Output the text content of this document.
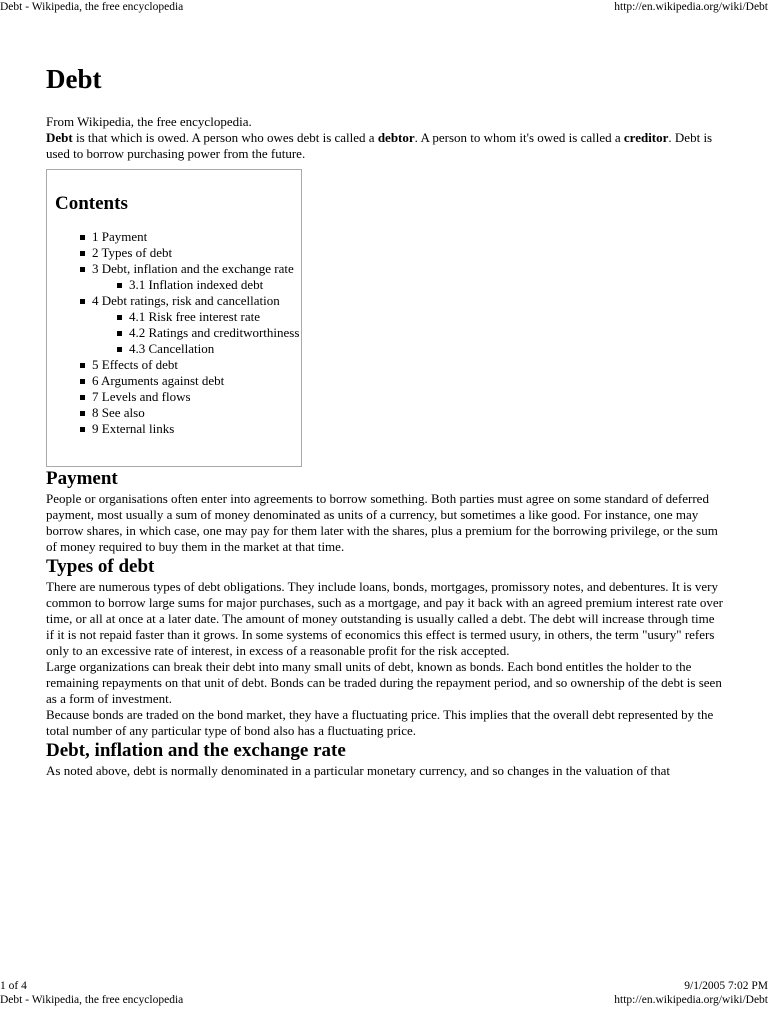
Debt - Wikipedia, the free encyclopedia	http://en.wikipedia.org/wiki/Debt
Debt
From Wikipedia, the free encyclopedia.

Debt is that which is owed. A person who owes debt is called a debtor. A person to whom it's owed is called a creditor. Debt is used to borrow purchasing power from the future.

Contents
1 Payment
2 Types of debt
3 Debt, inflation and the exchange rate
3.1 Inflation indexed debt
4 Debt ratings, risk and cancellation
4.1 Risk free interest rate
4.2 Ratings and creditworthiness
4.3 Cancellation
5 Effects of debt
6 Arguments against debt
7 Levels and flows
8 See also
9 External links
Payment

People or organisations often enter into agreements to borrow something. Both parties must agree on some standard of deferred payment, most usually a sum of money denominated as units of a currency, but sometimes a like good. For instance, one may borrow shares, in which case, one may pay for them later with the shares, plus a premium for the borrowing privilege, or the sum of money required to buy them in the market at that time.

Types of debt

There are numerous types of debt obligations. They include loans, bonds, mortgages, promissory notes, and debentures. It is very common to borrow large sums for major purchases, such as a mortgage, and pay it back with an agreed premium interest rate over time, or all at once at a later date. The amount of money outstanding is usually called a debt. The debt will increase through time if it is not repaid faster than it grows. In some systems of economics this effect is termed usury, in others, the term "usury" refers only to an excessive rate of interest, in excess of a reasonable profit for the risk accepted.

Large organizations can break their debt into many small units of debt, known as bonds. Each bond entitles the holder to the remaining repayments on that unit of debt. Bonds can be traded during the repayment period, and so ownership of the debt is seen as a form of investment.

Because bonds are traded on the bond market, they have a fluctuating price. This implies that the overall debt represented by the total number of any particular type of bond also has a fluctuating price.

Debt, inflation and the exchange rate

As noted above, debt is normally denominated in a particular monetary currency, and so changes in the valuation of that

1 of 4
Debt - Wikipedia, the free encyclopedia
9/1/2005 7:02 PM
http://en.wikipedia.org/wiki/Debt
